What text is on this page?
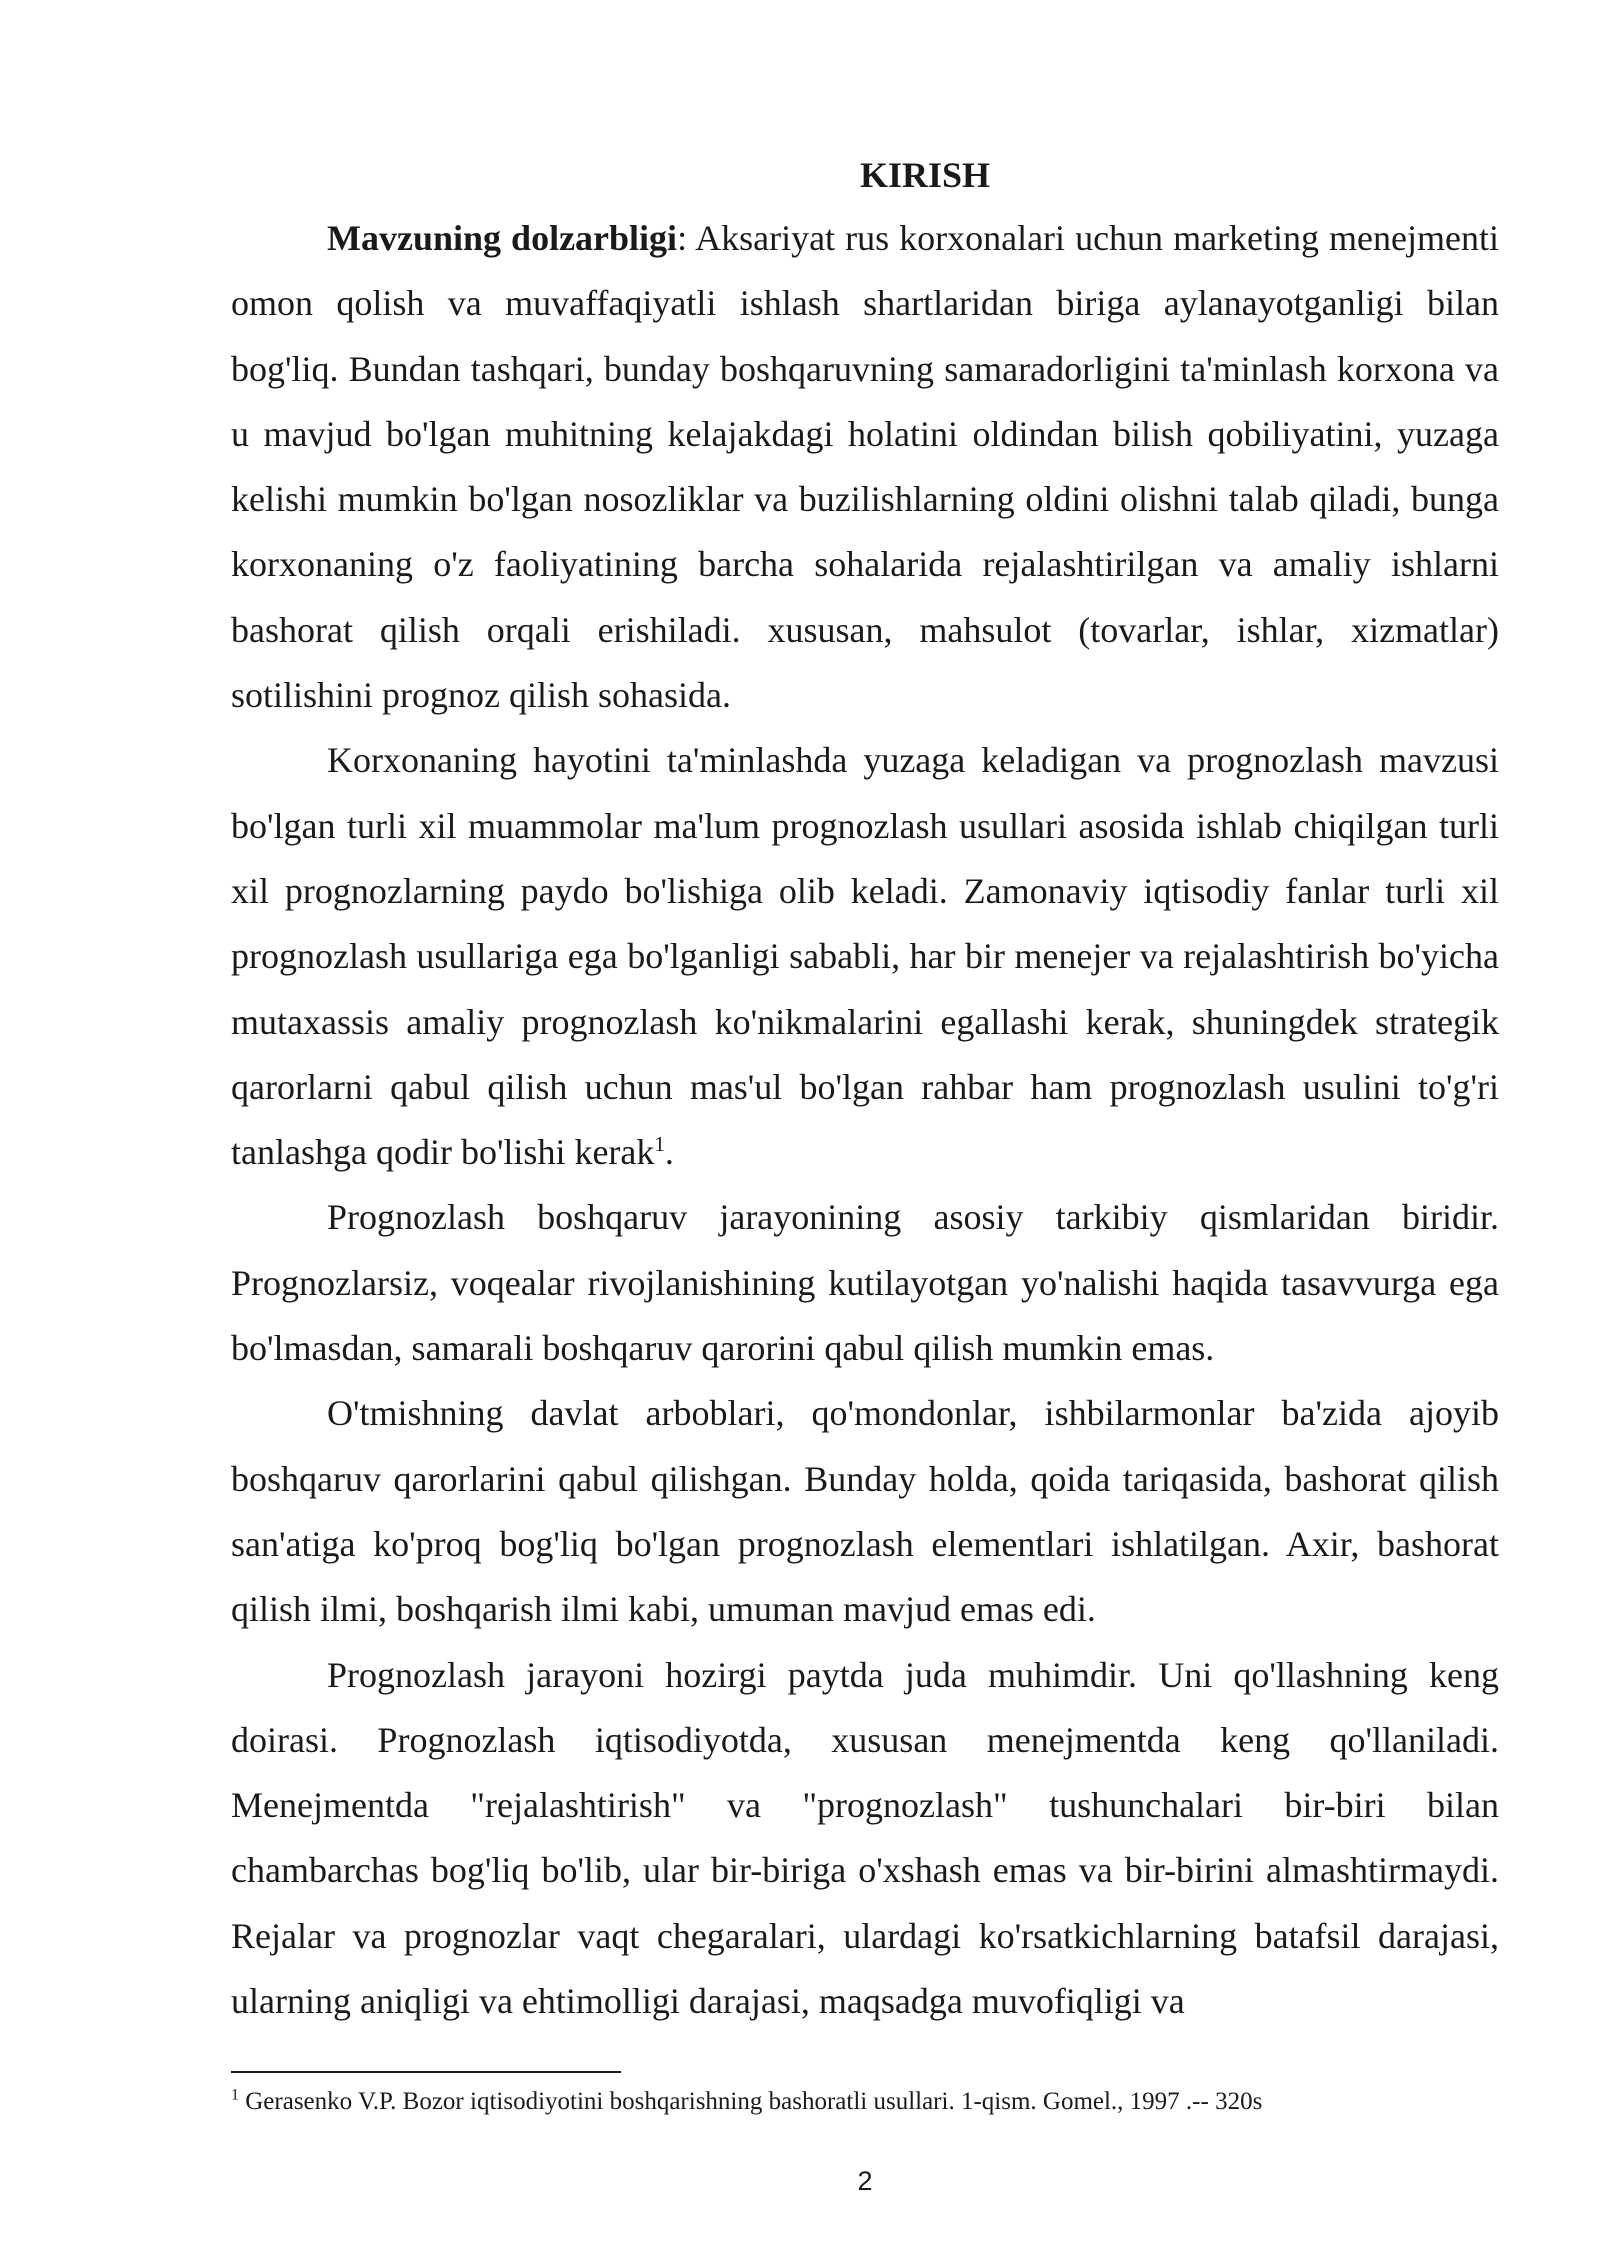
KIRISH

Mavzuning dolzarbligi: Aksariyat rus korxonalari uchun marketing menejmenti omon qolish va muvaffaqiyatli ishlash shartlaridan biriga aylanayotganligi bilan bog'liq. Bundan tashqari, bunday boshqaruvning samaradorligini ta'minlash korxona va u mavjud bo'lgan muhitning kelajakdagi holatini oldindan bilish qobiliyatini, yuzaga kelishi mumkin bo'lgan nosozliklar va buzilishlarning oldini olishni talab qiladi, bunga korxonaning o'z faoliyatining barcha sohalarida rejalashtirilgan va amaliy ishlarni bashorat qilish orqali erishiladi. xususan, mahsulot (tovarlar, ishlar, xizmatlar) sotilishini prognoz qilish sohasida.

Korxonaning hayotini ta'minlashda yuzaga keladigan va prognozlash mavzusi bo'lgan turli xil muammolar ma'lum prognozlash usullari asosida ishlab chiqilgan turli xil prognozlarning paydo bo'lishiga olib keladi. Zamonaviy iqtisodiy fanlar turli xil prognozlash usullariga ega bo'lganligi sababli, har bir menejer va rejalashtirish bo'yicha mutaxassis amaliy prognozlash ko'nikmalarini egallashi kerak, shuningdek strategik qarorlarni qabul qilish uchun mas'ul bo'lgan rahbar ham prognozlash usulini to'g'ri tanlashga qodir bo'lishi kerak$^1$.

Prognozlash boshqaruv jarayonining asosiy tarkibiy qismlaridan biridir. Prognozlarsiz, voqealar rivojlanishining kutilayotgan yo'nalishi haqida tasavvurga ega bo'lmasdan, samarali boshqaruv qarorini qabul qilish mumkin emas.

O'tmishning davlat arboblari, qo'mondonlar, ishbilarmonlar ba'zida ajoyib boshqaruv qarorlarini qabul qilishgan. Bunday holda, qoida tariqasida, bashorat qilish san'atiga ko'proq bog'liq bo'lgan prognozlash elementlari ishlatilgan. Axir, bashorat qilish ilmi, boshqarish ilmi kabi, umuman mavjud emas edi.

Prognozlash jarayoni hozirgi paytda juda muhimdir. Uni qo'llashning keng doirasi. Prognozlash iqtisodiyotda, xususan menejmentda keng qo'llaniladi. Menejmentda "rejalashtirish" va "prognozlash" tushunchalari bir-biri bilan chambarchas bog'liq bo'lib, ular bir-biriga o'xshash emas va bir-birini almashtirmaydi. Rejalar va prognozlar vaqt chegaralari, ulardagi ko'rsatkichlarning batafsil darajasi, ularning aniqligi va ehtimolligi darajasi, maqsadga muvofiqligi va

$^1$ Gerasenko V.P. Bozor iqtisodiyotini boshqarishning bashoratli usullari. 1-qism. Gomel., 1997 .-- 320s
2
